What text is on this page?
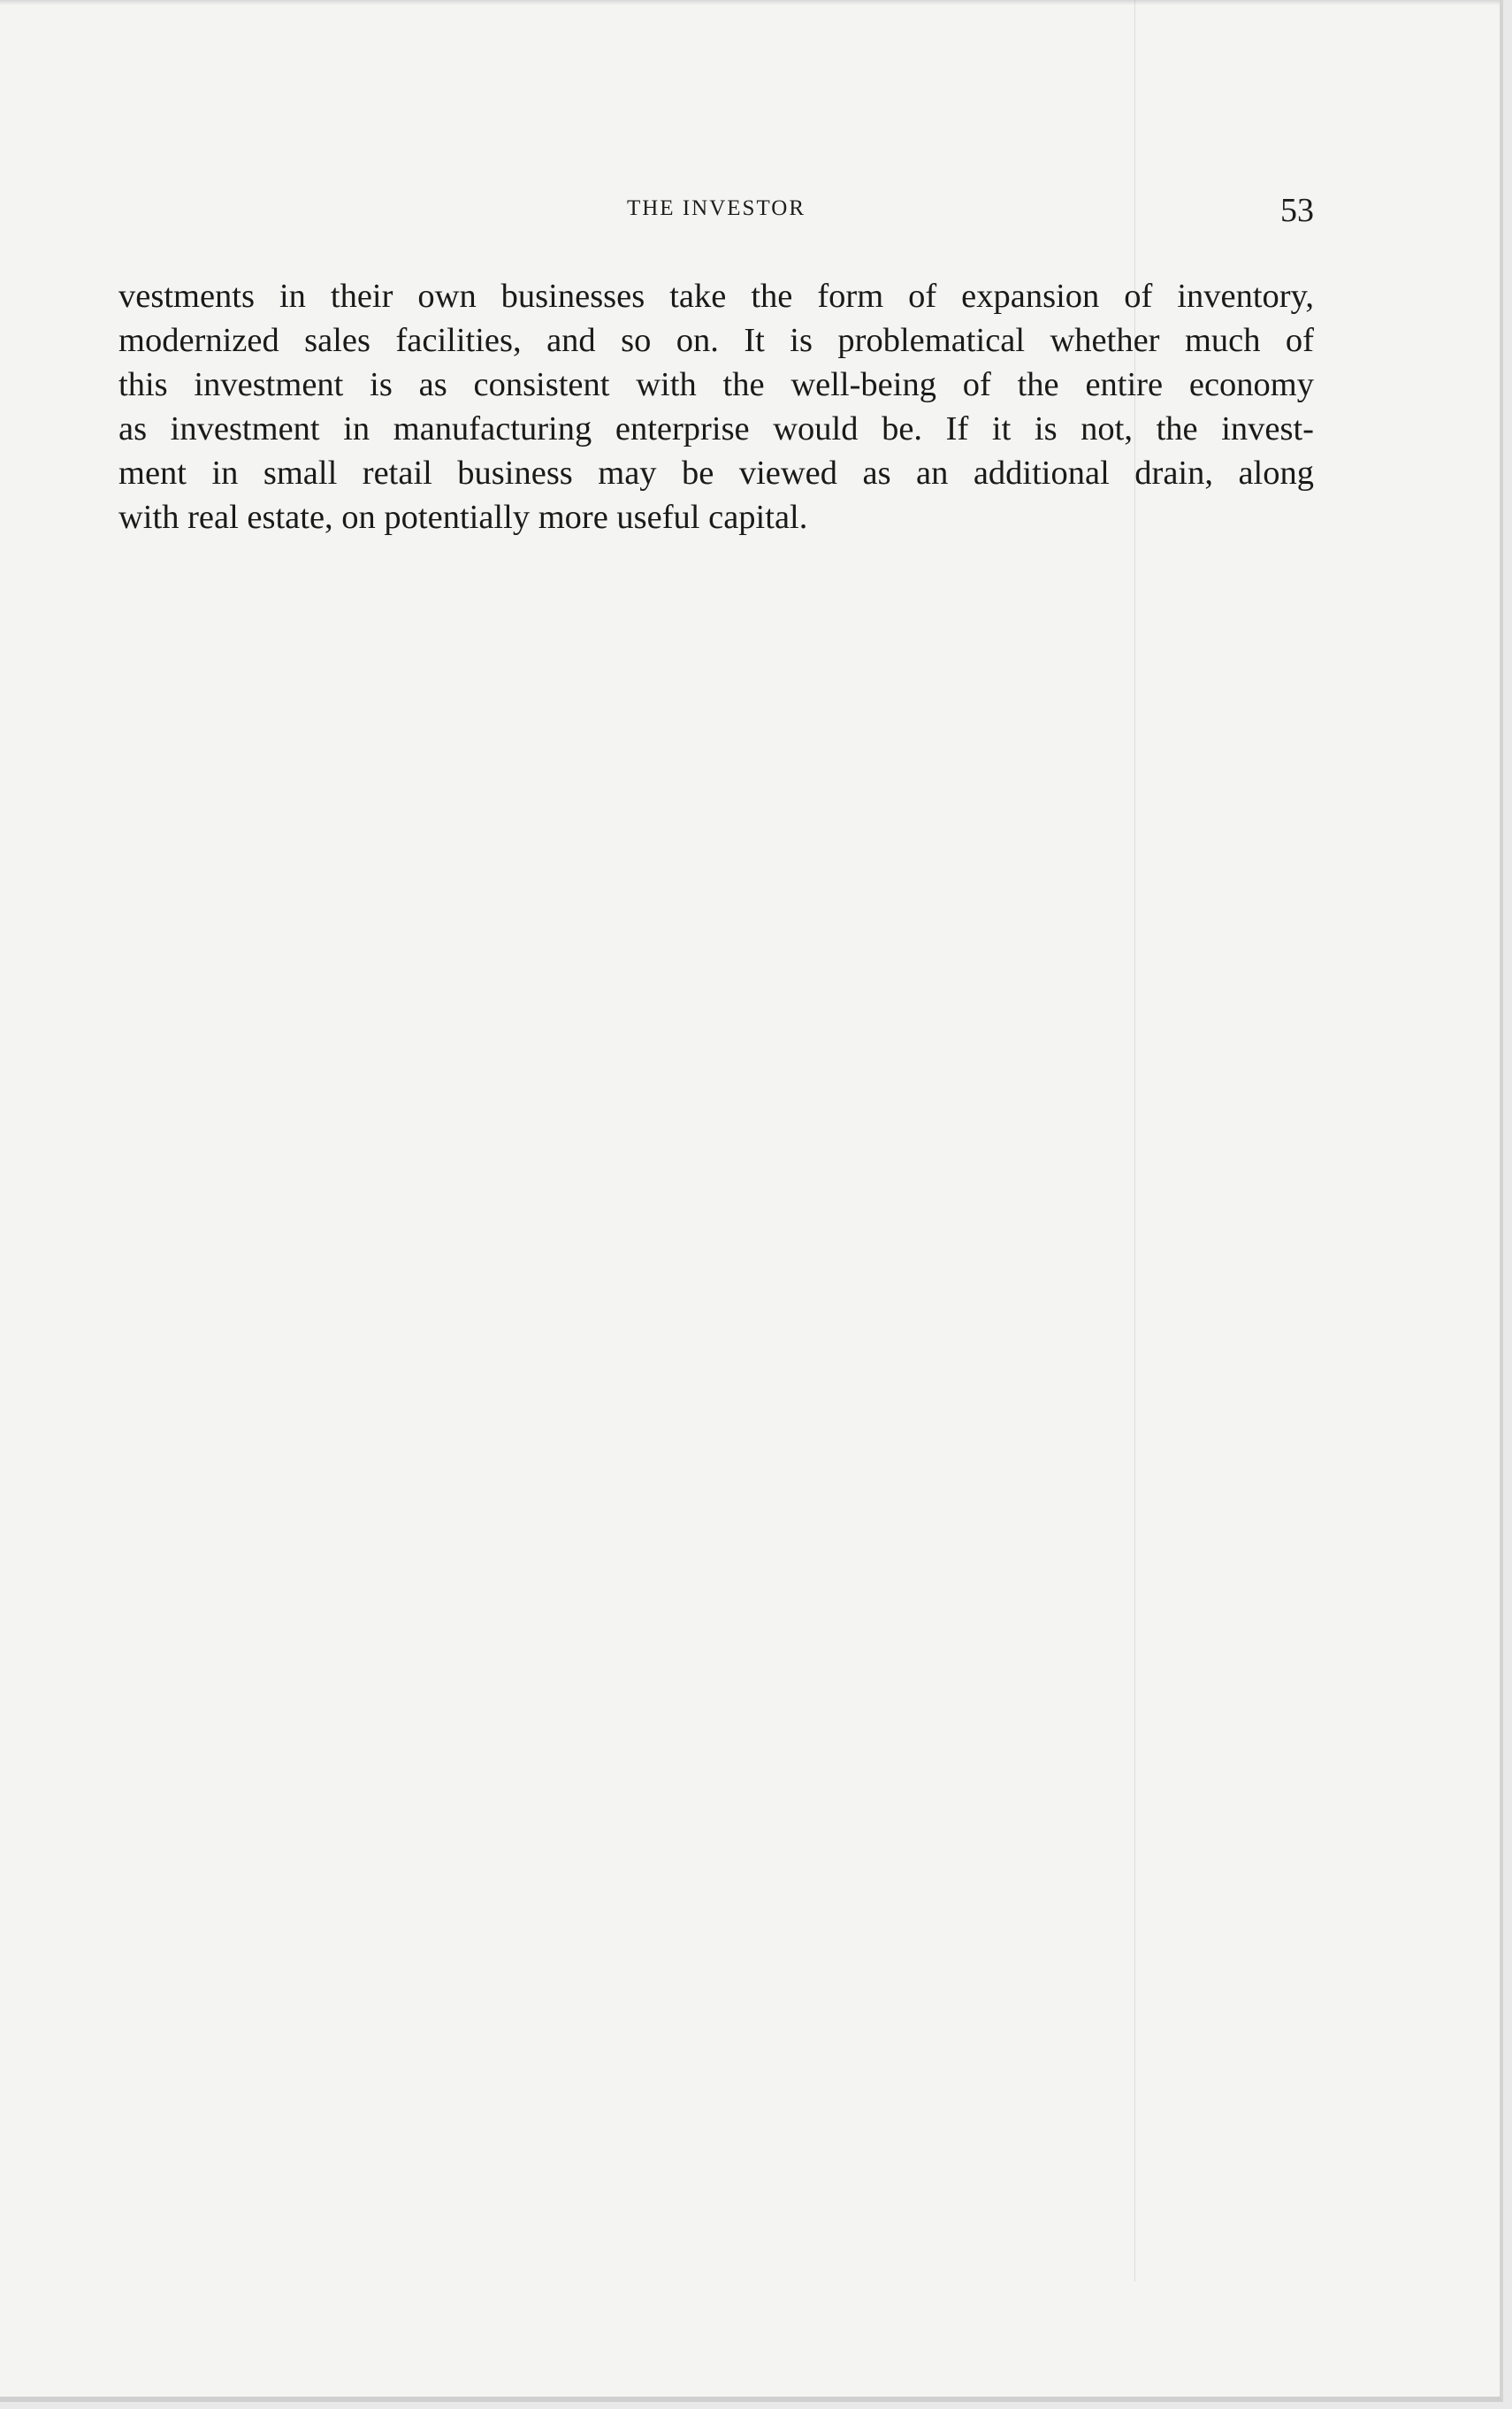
THE INVESTOR	53
vestments in their own businesses take the form of expansion of inventory,
modernized sales facilities, and so on. It is problematical whether much of
this investment is as consistent with the well-being of the entire economy
as investment in manufacturing enterprise would be. If it is not, the invest-
ment in small retail business may be viewed as an additional drain, along
with real estate, on potentially more useful capital.
